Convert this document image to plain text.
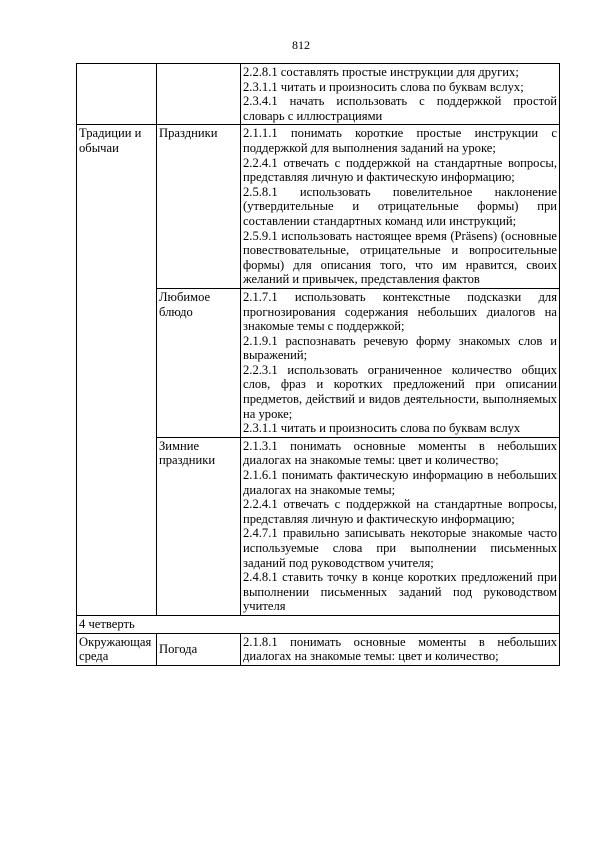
812

		2.2.8.1 составлять простые инструкции для других;

2.3.1.1 читать и произносить слова по буквам вслух;

2.3.4.1 начать использовать с поддержкой простой словарь с иллюстрациями

Традиции и обычаи	Праздники	2.1.1.1 понимать короткие простые инструкции с поддержкой для выполнения заданий на уроке;

2.2.4.1 отвечать с поддержкой на стандартные вопросы, представляя личную и фактическую информацию;

2.5.8.1 использовать повелительное наклонение (утвердительные и отрицательные формы) при составлении стандартных команд или инструкций;

2.5.9.1 использовать настоящее время (Präsens) (основные повествовательные, отрицательные и вопросительные формы) для описания того, что им нравится, своих желаний и привычек, представления фактов

	Любимое блюдо	2.1.7.1 использовать контекстные подсказки для прогнозирования содержания небольших диалогов на знакомые темы с поддержкой;

2.1.9.1 распознавать речевую форму знакомых слов и выражений;

2.2.3.1 использовать ограниченное количество общих слов, фраз и коротких предложений при описании предметов, действий и видов деятельности, выполняемых на уроке;

2.3.1.1 читать и произносить слова по буквам вслух

	Зимние праздники	2.1.3.1 понимать основные моменты в небольших диалогах на знакомые темы: цвет и количество;

2.1.6.1 понимать фактическую информацию в небольших диалогах на знакомые темы;

2.2.4.1 отвечать с поддержкой на стандартные вопросы, представляя личную и фактическую информацию;

2.4.7.1 правильно записывать некоторые знакомые часто используемые слова при выполнении письменных заданий под руководством учителя;

2.4.8.1 ставить точку в конце коротких предложений при выполнении письменных заданий под руководством учителя

4 четверть		
Окружающая среда	Погода	2.1.8.1 понимать основные моменты в небольших диалогах на знакомые темы: цвет и количество;
